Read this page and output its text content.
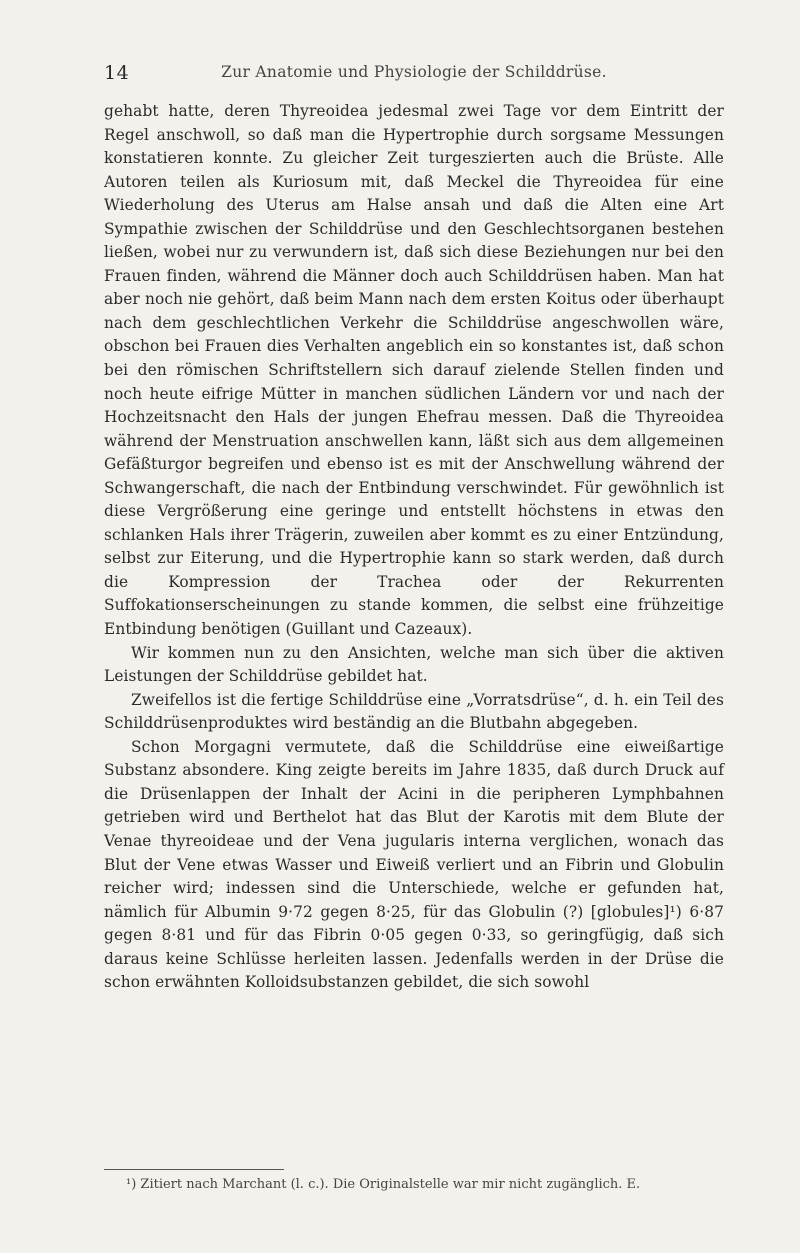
14	Zur Anatomie und Physiologie der Schilddrüse.

gehabt hatte, deren Thyreoidea jedesmal zwei Tage vor dem Eintritt der Regel anschwoll, so daß man die Hypertrophie durch sorgsame Messungen konstatieren konnte. Zu gleicher Zeit turgeszierten auch die Brüste. Alle Autoren teilen als Kuriosum mit, daß Meckel die Thyreoidea für eine Wiederholung des Uterus am Halse ansah und daß die Alten eine Art Sympathie zwischen der Schilddrüse und den Geschlechtsorganen bestehen ließen, wobei nur zu verwundern ist, daß sich diese Beziehungen nur bei den Frauen finden, während die Männer doch auch Schilddrüsen haben. Man hat aber noch nie gehört, daß beim Mann nach dem ersten Koitus oder überhaupt nach dem geschlechtlichen Verkehr die Schilddrüse angeschwollen wäre, obschon bei Frauen dies Verhalten angeblich ein so konstantes ist, daß schon bei den römischen Schriftstellern sich darauf zielende Stellen finden und noch heute eifrige Mütter in manchen südlichen Ländern vor und nach der Hochzeitsnacht den Hals der jungen Ehefrau messen. Daß die Thyreoidea während der Menstruation anschwellen kann, läßt sich aus dem allgemeinen Gefäßturgor begreifen und ebenso ist es mit der Anschwellung während der Schwangerschaft, die nach der Entbindung verschwindet. Für gewöhnlich ist diese Vergrößerung eine geringe und entstellt höchstens in etwas den schlanken Hals ihrer Trägerin, zuweilen aber kommt es zu einer Entzündung, selbst zur Eiterung, und die Hypertrophie kann so stark werden, daß durch die Kompression der Trachea oder der Rekurrenten Suffokationserscheinungen zu stande kommen, die selbst eine frühzeitige Entbindung benötigen (Guillant und Cazeaux).

Wir kommen nun zu den Ansichten, welche man sich über die aktiven Leistungen der Schilddrüse gebildet hat.

Zweifellos ist die fertige Schilddrüse eine „Vorratsdrüse“, d. h. ein Teil des Schilddrüsenproduktes wird beständig an die Blutbahn abgegeben.

Schon Morgagni vermutete, daß die Schilddrüse eine eiweißartige Substanz absondere. King zeigte bereits im Jahre 1835, daß durch Druck auf die Drüsenlappen der Inhalt der Acini in die peripheren Lymphbahnen getrieben wird und Berthelot hat das Blut der Karotis mit dem Blute der Venae thyreoideae und der Vena jugularis interna verglichen, wonach das Blut der Vene etwas Wasser und Eiweiß verliert und an Fibrin und Globulin reicher wird; indessen sind die Unterschiede, welche er gefunden hat, nämlich für Albumin 9·72 gegen 8·25, für das Globulin (?) [globules]¹) 6·87 gegen 8·81 und für das Fibrin 0·05 gegen 0·33, so geringfügig, daß sich daraus keine Schlüsse herleiten lassen. Jedenfalls werden in der Drüse die schon erwähnten Kolloidsubstanzen gebildet, die sich sowohl

¹) Zitiert nach Marchant (l. c.). Die Originalstelle war mir nicht zugänglich. E.
